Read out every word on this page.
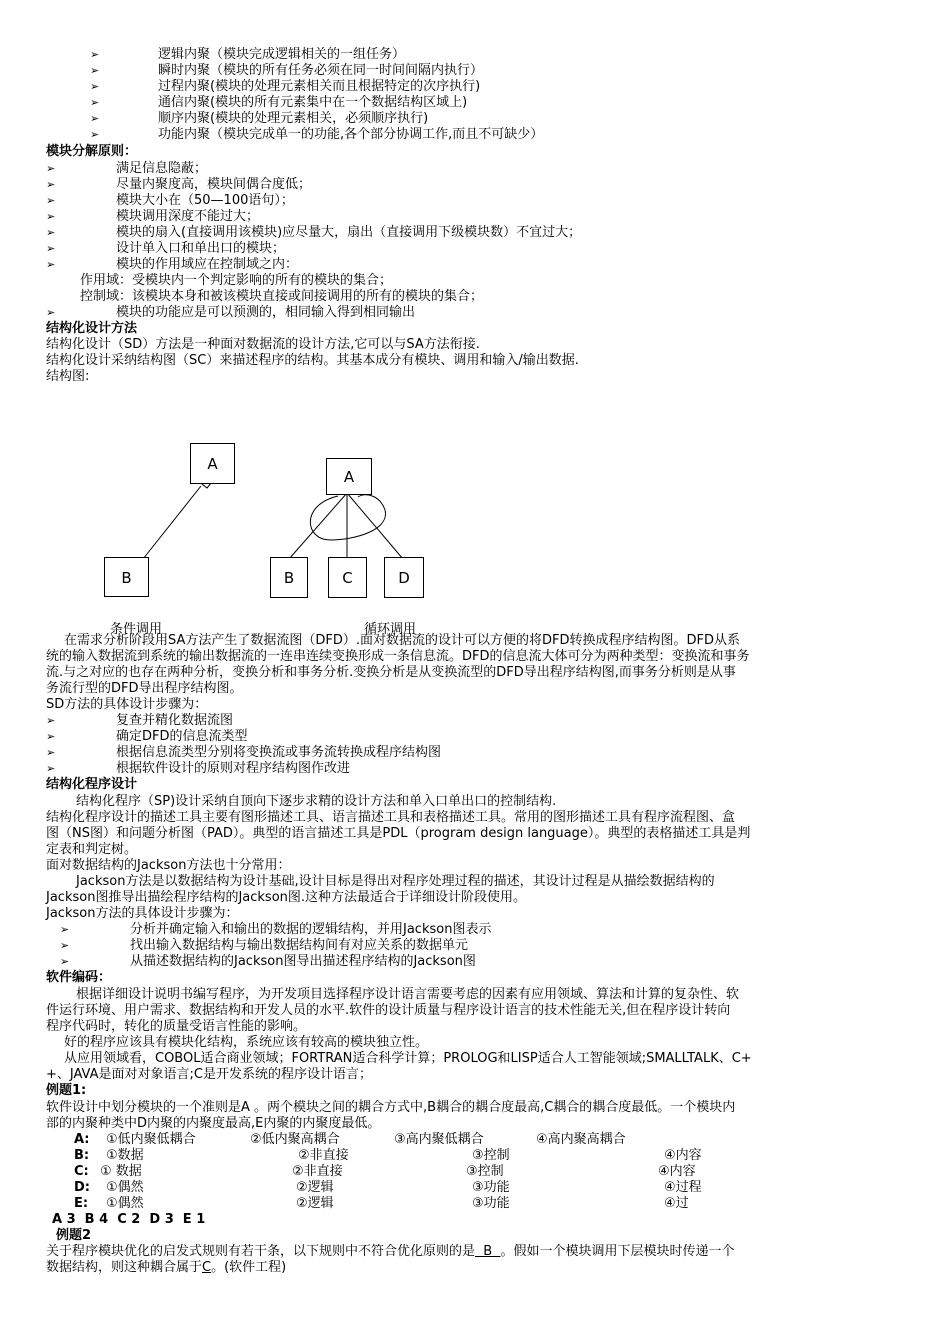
➢	逻辑内聚（模块完成逻辑相关的一组任务）
➢	瞬时内聚（模块的所有任务必须在同一时间间隔内执行）
➢	过程内聚(模块的处理元素相关而且根据特定的次序执行)
➢	通信内聚(模块的所有元素集中在一个数据结构区域上)
➢	顺序内聚(模块的处理元素相关，必须顺序执行)
➢	功能内聚（模块完成单一的功能,各个部分协调工作,而且不可缺少）
模块分解原则：
➢	满足信息隐蔽；
➢	尽量内聚度高，模块间偶合度低；
➢	模块大小在（50—100语句）；
➢	模块调用深度不能过大；
➢	模块的扇入(直接调用该模块)应尽量大，扇出（直接调用下级模块数）不宜过大；
➢	设计单入口和单出口的模块；
➢	模块的作用域应在控制域之内：
作用域：受模块内一个判定影响的所有的模块的集合；
控制域：该模块本身和被该模块直接或间接调用的所有的模块的集合；
➢	模块的功能应是可以预测的，相同输入得到相同输出
结构化设计方法
结构化设计（SD）方法是一种面对数据流的设计方法,它可以与SA方法衔接.
结构化设计采纳结构图（SC）来描述程序的结构。其基本成分有模块、调用和输入/输出数据.
结构图:
A
B
A
B	C	D
条件调用	循环调用
在需求分析阶段用SA方法产生了数据流图（DFD）.面对数据流的设计可以方便的将DFD转换成程序结构图。DFD从系
统的输入数据流到系统的输出数据流的一连串连续变换形成一条信息流。DFD的信息流大体可分为两种类型：变换流和事务
流.与之对应的也存在两种分析，变换分析和事务分析.变换分析是从变换流型的DFD导出程序结构图,而事务分析则是从事
务流行型的DFD导出程序结构图。
SD方法的具体设计步骤为：
➢	复查并精化数据流图
➢	确定DFD的信息流类型
➢	根据信息流类型分别将变换流或事务流转换成程序结构图
➢	根据软件设计的原则对程序结构图作改进
结构化程序设计
结构化程序（SP)设计采纳自顶向下逐步求精的设计方法和单入口单出口的控制结构.
结构化程序设计的描述工具主要有图形描述工具、语言描述工具和表格描述工具。常用的图形描述工具有程序流程图、盒
图（NS图）和问题分析图（PAD）。典型的语言描述工具是PDL（program design language）。典型的表格描述工具是判
定表和判定树。
面对数据结构的Jackson方法也十分常用：
Jackson方法是以数据结构为设计基础,设计目标是得出对程序处理过程的描述，其设计过程是从描绘数据结构的
Jackson图推导出描绘程序结构的Jackson图.这种方法最适合于详细设计阶段使用。
Jackson方法的具体设计步骤为：
➢	分析并确定输入和输出的数据的逻辑结构，并用Jackson图表示
➢	找出输入数据结构与输出数据结构间有对应关系的数据单元
➢	从描述数据结构的Jackson图导出描述程序结构的Jackson图
软件编码：
根据详细设计说明书编写程序，为开发项目选择程序设计语言需要考虑的因素有应用领域、算法和计算的复杂性、软
件运行环境、用户需求、数据结构和开发人员的水平.软件的设计质量与程序设计语言的技术性能无关,但在程序设计转向
程序代码时，转化的质量受语言性能的影响。
好的程序应该具有模块化结构，系统应该有较高的模块独立性。
从应用领域看，COBOL适合商业领域；FORTRAN适合科学计算；PROLOG和LISP适合人工智能领域;SMALLTALK、C+
+、JAVA是面对对象语言;C是开发系统的程序设计语言；
例题1:
软件设计中划分模块的一个准则是A 。两个模块之间的耦合方式中,B耦合的耦合度最高,C耦合的耦合度最低。一个模块内
部的内聚种类中D内聚的内聚度最高,E内聚的内聚度最低。
A: ①低内聚低耦合	②低内聚高耦合	③高内聚低耦合	④高内聚高耦合
B: ①数据	②非直接	③控制	④内容
C: ① 数据	②非直接	③控制	④内容
D: ①偶然	②逻辑	③功能	④过程
E: ①偶然	②逻辑	③功能	④过
A 3  B 4  C 2  D 3  E 1
例题2
关于程序模块优化的启发式规则有若干条，以下规则中不符合优化原则的是  B  。假如一个模块调用下层模块时传递一个
数据结构，则这种耦合属于C。(软件工程)
